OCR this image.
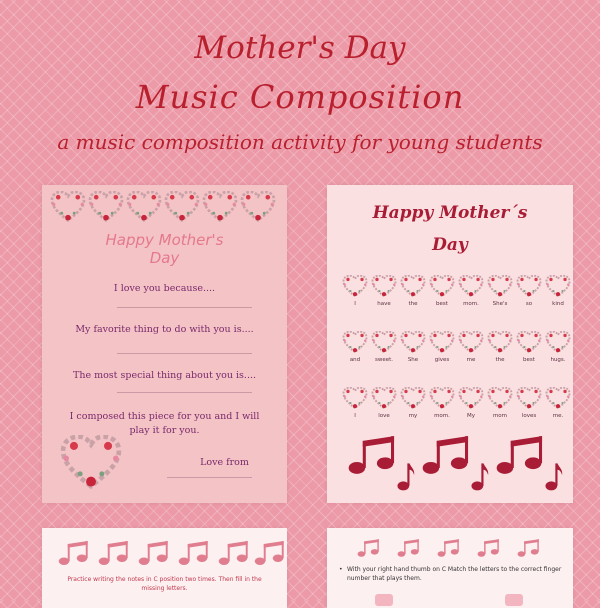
Mother's Day
Music Composition
a music composition activity for young students
Happy Mother's
Day
I love you because....
My favorite thing to do with you is....
The most special thing about you is....
I composed this piece for you and I will
play it for you.
Love from
Happy Mother´s
Day
I	have	the	best	mom.	She's	so	kind
and	sweet.	She	gives	me	the	best	hugs.
I	love	my	mom.	My	mom	loves	me.
Practice writing the notes in C position two times. Then fill in the
missing letters.
• With your right hand thumb on C Match the letters to the correct finger
number that plays them.
